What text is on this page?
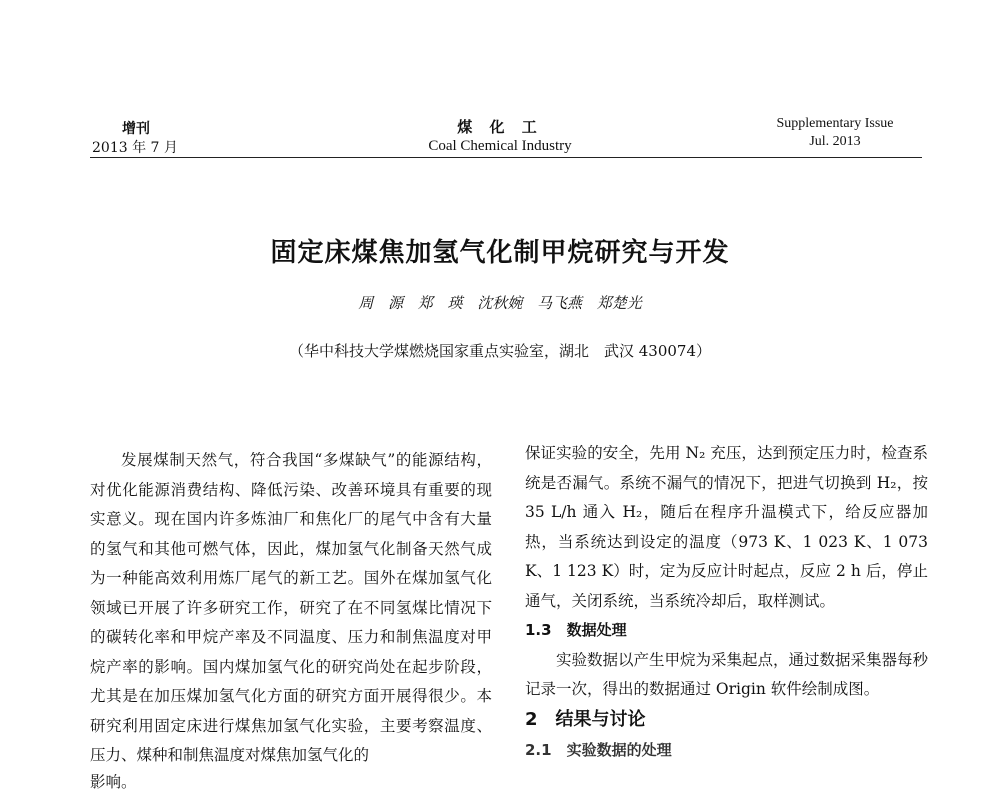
增刊
2013 年 7 月
煤 化 工
Coal Chemical Industry
Supplementary Issue
Jul. 2013
固定床煤焦加氢气化制甲烷研究与开发
周 源 郑 瑛 沈秋婉 马飞燕 郑楚光
（华中科技大学煤燃烧国家重点实验室，湖北　武汉 430074）

发展煤制天然气，符合我国“多煤缺气”的能源结构，对优化能源消费结构、降低污染、改善环境具有重要的现实意义。现在国内许多炼油厂和焦化厂的尾气中含有大量的氢气和其他可燃气体，因此，煤加氢气化制备天然气成为一种能高效利用炼厂尾气的新工艺。国外在煤加氢气化领域已开展了许多研究工作，研究了在不同氢煤比情况下的碳转化率和甲烷产率及不同温度、压力和制焦温度对甲烷产率的影响。国内煤加氢气化的研究尚处在起步阶段，尤其是在加压煤加氢气化方面的研究方面开展得很少。本研究利用固定床进行煤焦加氢气化实验，主要考察温度、压力、煤种和制焦温度对煤焦加氢气化的

影响。

保证实验的安全，先用 N₂ 充压，达到预定压力时，检查系统是否漏气。系统不漏气的情况下，把进气切换到 H₂，按 35 L/h 通入 H₂，随后在程序升温模式下，给反应器加热，当系统达到设定的温度（973 K、1 023 K、1 073 K、1 123 K）时，定为反应计时起点，反应 2 h 后，停止通气，关闭系统，当系统冷却后，取样测试。

1.3　数据处理

实验数据以产生甲烷为采集起点，通过数据采集器每秒记录一次，得出的数据通过 Origin 软件绘制成图。

2　结果与讨论

2.1　实验数据的处理
